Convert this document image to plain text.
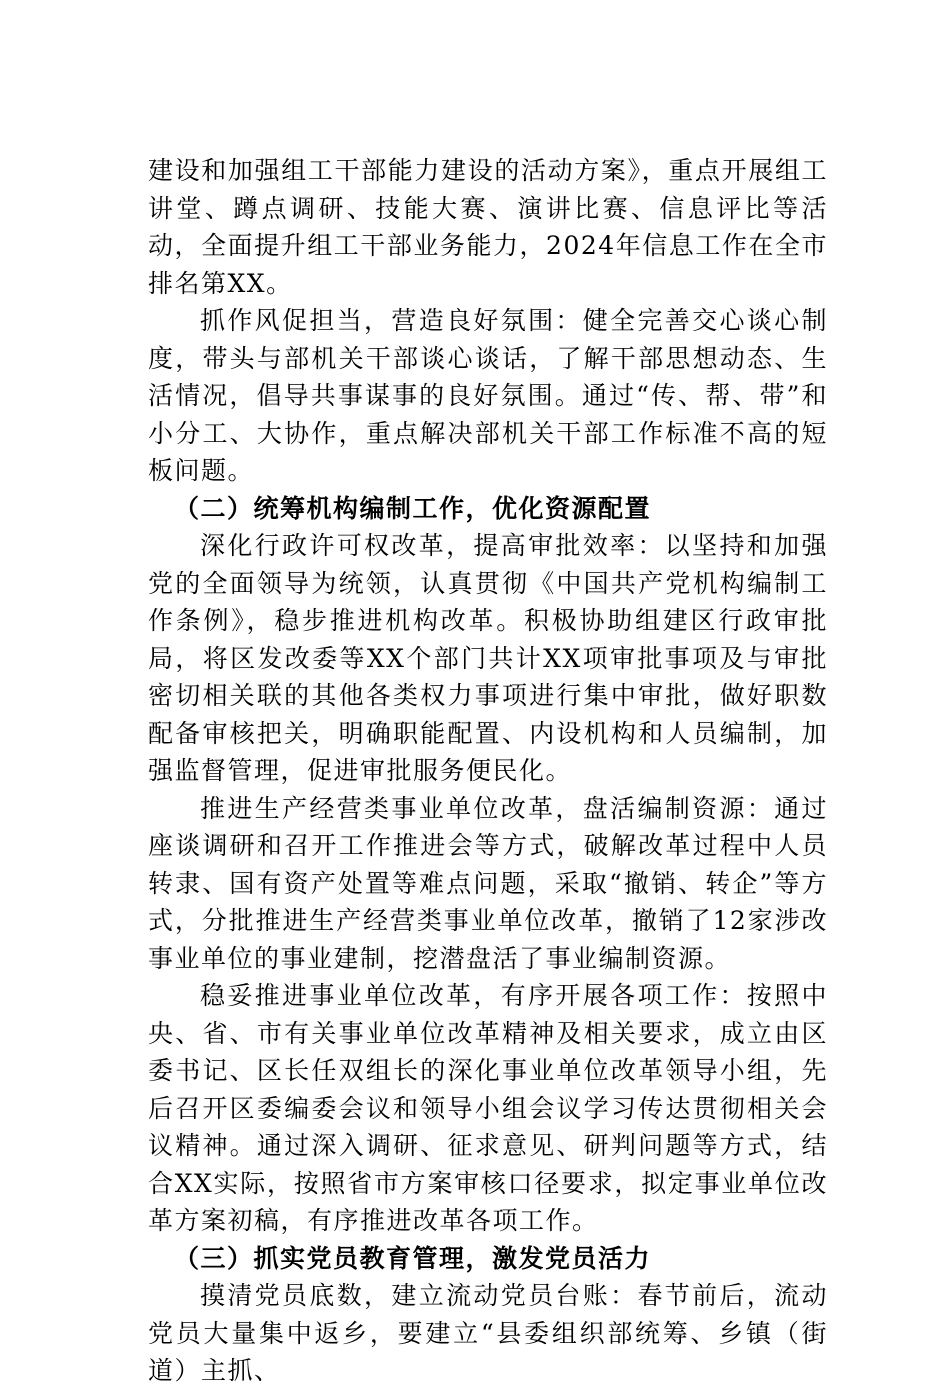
建设和加强组工干部能力建设的活动方案》，重点开展组工讲堂、蹲点调研、技能大赛、演讲比赛、信息评比等活动，全面提升组工干部业务能力，2024年信息工作在全市排名第XX。

抓作风促担当，营造良好氛围：健全完善交心谈心制度，带头与部机关干部谈心谈话，了解干部思想动态、生活情况，倡导共事谋事的良好氛围。通过“传、帮、带”和小分工、大协作，重点解决部机关干部工作标准不高的短板问题。

（二）统筹机构编制工作，优化资源配置

深化行政许可权改革，提高审批效率：以坚持和加强党的全面领导为统领，认真贯彻《中国共产党机构编制工作条例》，稳步推进机构改革。积极协助组建区行政审批局，将区发改委等XX个部门共计XX项审批事项及与审批密切相关联的其他各类权力事项进行集中审批，做好职数配备审核把关，明确职能配置、内设机构和人员编制，加强监督管理，促进审批服务便民化。

推进生产经营类事业单位改革，盘活编制资源：通过座谈调研和召开工作推进会等方式，破解改革过程中人员转隶、国有资产处置等难点问题，采取“撤销、转企”等方式，分批推进生产经营类事业单位改革，撤销了12家涉改事业单位的事业建制，挖潜盘活了事业编制资源。

稳妥推进事业单位改革，有序开展各项工作：按照中央、省、市有关事业单位改革精神及相关要求，成立由区委书记、区长任双组长的深化事业单位改革领导小组，先后召开区委编委会议和领导小组会议学习传达贯彻相关会议精神。通过深入调研、征求意见、研判问题等方式，结合XX实际，按照省市方案审核口径要求，拟定事业单位改革方案初稿，有序推进改革各项工作。

（三）抓实党员教育管理，激发党员活力

摸清党员底数，建立流动党员台账：春节前后，流动党员大量集中返乡，要建立“县委组织部统筹、乡镇（街道）主抓、
